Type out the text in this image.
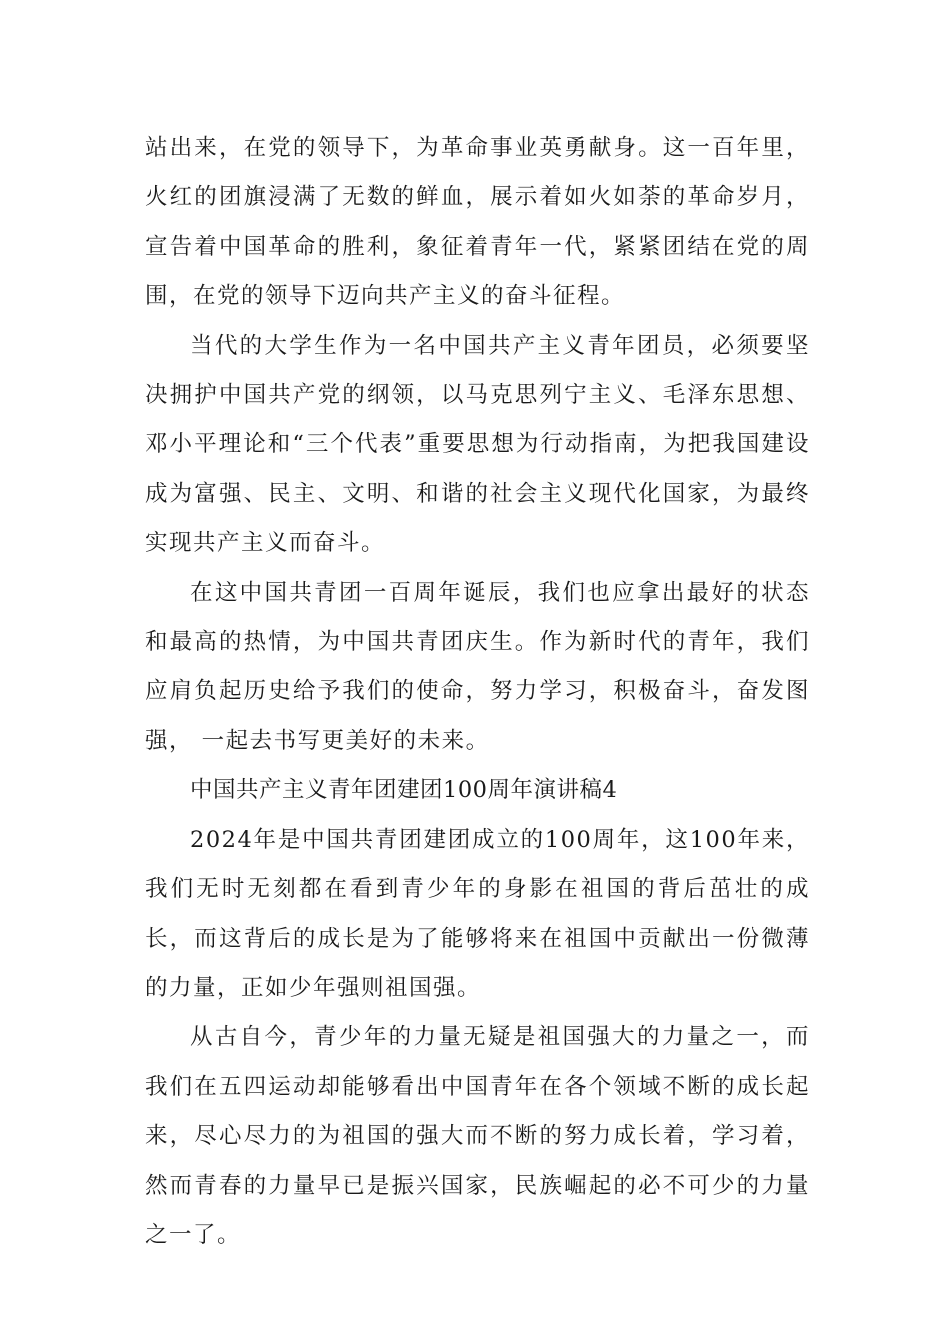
站出来，在党的领导下，为革命事业英勇献身。这一百年里，火红的团旗浸满了无数的鲜血，展示着如火如荼的革命岁月，宣告着中国革命的胜利，象征着青年一代，紧紧团结在党的周围，在党的领导下迈向共产主义的奋斗征程。

当代的大学生作为一名中国共产主义青年团员，必须要坚决拥护中国共产党的纲领，以马克思列宁主义、毛泽东思想、邓小平理论和“三个代表”重要思想为行动指南，为把我国建设成为富强、民主、文明、和谐的社会主义现代化国家，为最终实现共产主义而奋斗。

在这中国共青团一百周年诞辰，我们也应拿出最好的状态和最高的热情，为中国共青团庆生。作为新时代的青年，我们应肩负起历史给予我们的使命，努力学习，积极奋斗，奋发图强， 一起去书写更美好的未来。

中国共产主义青年团建团100周年演讲稿4

2024年是中国共青团建团成立的100周年，这100年来，我们无时无刻都在看到青少年的身影在祖国的背后茁壮的成长，而这背后的成长是为了能够将来在祖国中贡献出一份微薄的力量，正如少年强则祖国强。

从古自今，青少年的力量无疑是祖国强大的力量之一，而我们在五四运动却能够看出中国青年在各个领域不断的成长起来，尽心尽力的为祖国的强大而不断的努力成长着，学习着，然而青春的力量早已是振兴国家，民族崛起的必不可少的力量之一了。
